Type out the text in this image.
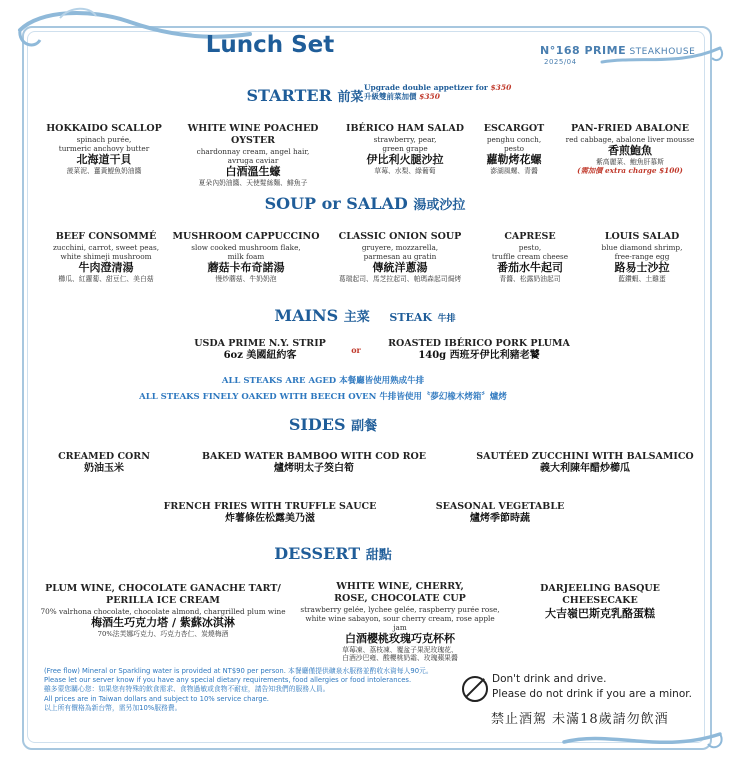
Lunch Set	N°168 PRIME STEAKHOUSE 2025/04
STARTER 前菜
Upgrade double appetizer for $350
升級雙前菜加價 $350
HOKKAIDO SCALLOP
spinach purée,
turmeric anchovy butter
北海道干貝
菠菜泥、薑黃鯷魚奶油醬
WHITE WINE POACHED OYSTER
chardonnay cream, angel hair,
avruga caviar
白酒溫生蠔
夏朵內奶油醬、天使髮絲麵、鯡魚子
IBÉRICO HAM SALAD
strawberry, pear,
green grape
伊比利火腿沙拉
草莓、水梨、綠葡萄
ESCARGOT
penghu conch,
pesto
蘿勒烤花螺
澎湖風螺、青醬
PAN-FRIED ABALONE
red cabbage, abalone liver mousse
香煎鮑魚
紫高麗菜、鮑魚肝慕斯
(需加價 extra charge $100)
SOUP or SALAD 湯或沙拉
BEEF CONSOMMÉ
zucchini, carrot, sweet peas,
white shimeji mushroom
牛肉澄清湯
櫛瓜、紅蘿蔔、甜豆仁、美白菇
MUSHROOM CAPPUCCINO
slow cooked mushroom flake,
milk foam
蘑菇卡布奇諾湯
慢炒蘑菇、牛奶奶泡
CLASSIC ONION SOUP
gruyere, mozzarella,
parmesan au gratin
傳統洋蔥湯
葛瑞起司、馬芝拉起司、帕瑪森起司焗烤
CAPRESE
pesto,
truffle cream cheese
番茄水牛起司
青醬、松露奶油起司
LOUIS SALAD
blue diamond shrimp,
free-range egg
路易士沙拉
藍鑽蝦、土雞蛋
MAINS 主菜 STEAK 牛排
USDA PRIME N.Y. STRIP
6oz 美國紐約客	or
ROASTED IBÉRICO PORK PLUMA
140g 西班牙伊比利豬老饕
ALL STEAKS ARE AGED 本餐廳皆使用熟成牛排
ALL STEAKS FINELY OAKED WITH BEECH OVEN 牛排皆使用〝夢幻橡木烤箱〞爐烤
SIDES 副餐
CREAMED CORN
奶油玉米
BAKED WATER BAMBOO WITH COD ROE
爐烤明太子筊白筍
SAUTÉED ZUCCHINI WITH BALSAMICO
義大利陳年醋炒櫛瓜
FRENCH FRIES WITH TRUFFLE SAUCE
炸薯條佐松露美乃滋
SEASONAL VEGETABLE
爐烤季節時蔬
DESSERT 甜點
PLUM WINE, CHOCOLATE GANACHE TART/
PERILLA ICE CREAM
70% valrhona chocolate, chocolate almond, chargrilled plum wine
梅酒生巧克力塔 / 紫蘇冰淇淋
70%法芙娜巧克力、巧克力杏仁、炭燒梅酒
WHITE WINE, CHERRY,
ROSE, CHOCOLATE CUP
strawberry gelée, lychee gelée, raspberry purée rose,
white wine sabayon, sour cherry cream, rose apple jam
白酒櫻桃玫瑰巧克杯杯
草莓凍、荔枝凍、覆盆子果泥玫瑰花、
白酒沙巴雍、酸櫻桃奶霜、玫瑰蘋果醬
DARJEELING BASQUE CHEESECAKE
大吉嶺巴斯克乳酪蛋糕
(Free flow) Mineral or Sparkling water is provided at NT$90 per person. 本餐廳僅提供礦泉水服務並酌收水資每人90元。
Please let our server know if you have any special dietary requirements, food allergies or food intolerances.
雖多蒙您關心您：如果您有特殊的飲食需求、食物過敏或食物不耐症，請告知我們的服務人員。
All prices are in Taiwan dollars and subject to 10% service charge.
以上所有價格為新台幣，需另加10%服務費。
Don't drink and drive.
Please do not drink if you are a minor.
禁止酒駕 未滿18歲請勿飲酒
